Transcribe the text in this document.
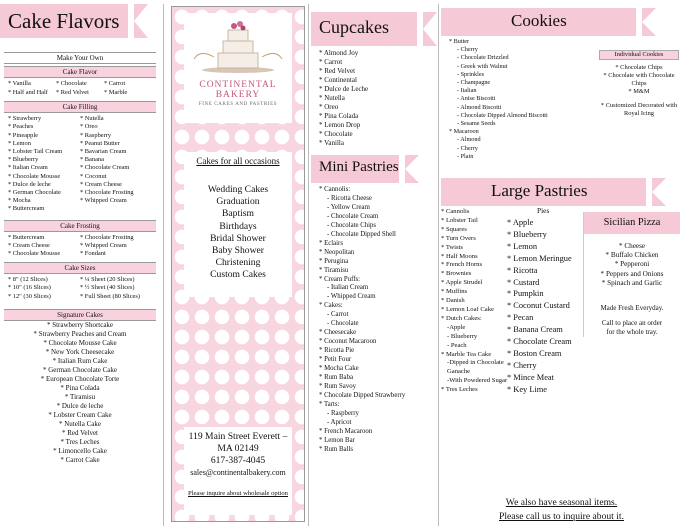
Cake Flavors
Make Your Own
Cake Flavor
* Vanilla	* Chocolate	* Carrot
* Half and Half	* Red Velvet	* Marble
Cake Filling
* Strawberry	* Nutella
* Peaches	* Oreo
* Pineapple	* Raspberry
* Lemon	* Peanut Butter
* Lobster Tail Cream	* Bavarian Cream
* Blueberry	* Banana
* Italian Cream	* Chocolate Cream
* Chocolate Mousse	* Coconut
* Dulce de leche	* Cream Cheese
* German Chocolate	* Chocolate Frosting
* Mocha	* Whipped Cream
* Buttercream
Cake Frosting
* Buttercream	* Chocolate Frosting
* Cream Cheese	* Whipped Cream
* Chocolate Mousse	* Fondant
Cake Sizes
* 8" (12 Slices)	* ¼ Sheet (20 Slices)
* 10" (16 Slices)	* ½ Sheet (40 Slices)
* 12" (30 Slices)	* Full Sheet (80 Slices)
Signature Cakes
* Strawberry Shortcake
* Strawberry Peaches and Cream
* Chocolate Mousse Cake
* New York Cheesecake
* Italian Rum Cake
* German Chocolate Cake
* European Chocolate Torte
* Pina Colada
* Tiramisu
* Dulce de leche
* Lobster Cream Cake
* Nutella Cake
* Red Velvet
* Tres Leches
* Limoncello Cake
* Carrot Cake
CONTINENTAL BAKERY
FINE CAKES AND PASTRIES
Cakes for all occasions
Wedding Cakes
Graduation
Baptism
Birthdays
Bridal Shower
Baby Shower
Christening
Custom Cakes
119 Main Street Everett – MA 02149
617-387-4045
sales@continentalbakery.com
Please inquire about wholesale option
Cupcakes
* Almond Joy
* Carrot
* Red Velvet
* Continental
* Dulce de Leche
* Nutella
* Oreo
* Pina Colada
* Lemon Drop
* Chocolate
* Vanilla
Mini Pastries
* Cannolis:
- Ricotta Cheese
- Yellow Cream
- Chocolate Cream
- Chocolate Chips
- Chocolate Dipped Shell
* Eclairs
* Neopolitan
* Perugina
* Tiramisu
* Cream Puffs:
- Italian Cream
- Whipped Cream
* Cakes:
- Carrot
- Chocolate
* Cheesecake
* Coconut Macaroon
* Ricotta Pie
* Petit Four
* Mocha Cake
* Rum Baba
* Rum Savoy
* Chocolate Dipped Strawberry
* Tarts:
- Raspberry
- Apricot
* French Macaroon
* Lemon Bar
* Rum Balls
Cookies
* Butter
- Cherry
- Chocolate Drizzled
- Greek with Walnut
- Sprinkles
- Champagne
- Italian
- Anise Biscotti
- Almond Biscotti
- Chocolate Dipped Almond Biscotti
- Sesame Seeds
* Macaroon
- Almond
- Cherry
- Plain
Individual Cookies
* Chocolate Chips
* Chocolate with Chocolate Chips
* M&M
* Customized Decorated with Royal Icing
Large Pastries
* Cannolis
* Lobster Tail
* Squares
* Turn Overs
* Twists
* Half Moons
* French Horns
* Brownies
* Apple Strudel
* Muffins
* Danish
* Lemon Loaf Cake
* Dutch Cakes:
-Apple
- Blueberry
- Peach
* Marble Tea Cake
-Dipped in Chocolate Ganache
-With Powdered Sugar
* Tres Leches
Pies
* Apple
* Blueberry
* Lemon
* Lemon Meringue
* Ricotta
* Custard
* Pumpkin
* Coconut Custard
* Pecan
* Banana Cream
* Chocolate Cream
* Boston Cream
* Cherry
* Mince Meat
* Key Lime
Sicilian Pizza
* Cheese
* Buffalo Chicken
* Pepperoni
* Peppers and Onions
* Spinach and Garlic
Made Fresh Everyday.
Call to place an order for the whole tray.
We also have seasonal items.
Please call us to inquire about it.
